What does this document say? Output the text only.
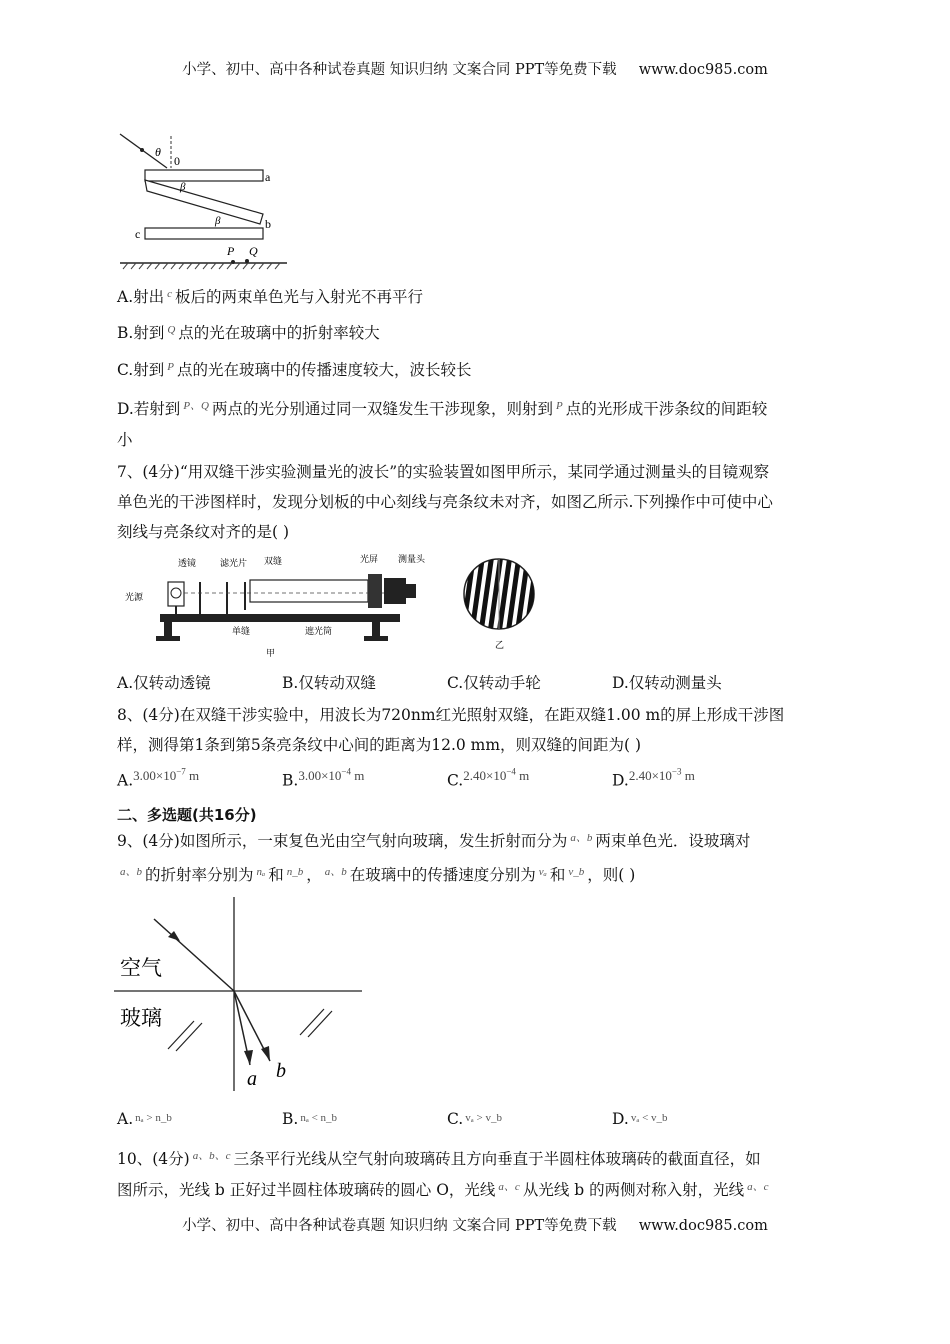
小学、初中、高中各种试卷真题 知识归纳 文案合同 PPT等免费下载 www.doc985.com
θ
0
a
β
b
β
c
P Q
A.射出 $^c$ 板后的两束单色光与入射光不再平行
B.射到 $^Q$ 点的光在玻璃中的折射率较大
C.射到 $^P$ 点的光在玻璃中的传播速度较大，波长较长
D.若射到 $^{P、Q}$ 两点的光分别通过同一双缝发生干涉现象，则射到 $^P$ 点的光形成干涉条纹的间距较
小
7、(4分)“用双缝干涉实验测量光的波长”的实验装置如图甲所示，某同学通过测量头的目镜观察
单色光的干涉图样时，发现分划板的中心刻线与亮条纹未对齐，如图乙所示.下列操作中可使中心
刻线与亮条纹对齐的是( )
透镜	滤光片 双缝	光屏 测量头
光源
单缝	遮光筒
甲
乙
A.仅转动透镜	B.仅转动双缝	C.仅转动手轮	D.仅转动测量头
8、(4分)在双缝干涉实验中，用波长为720nm红光照射双缝，在距双缝1.00 m的屏上形成干涉图
样，测得第1条到第5条亮条纹中心间的距离为12.0 mm，则双缝的间距为( )
A.$^{3.00\times 10^{-7} m}$	B.$^{3.00\times 10^{-4} m}$	C.$^{2.40\times 10^{-4} m}$	D.$^{2.40\times 10^{-3} m}$
二、多选题(共16分)
9、(4分)如图所示，一束复色光由空气射向玻璃，发生折射而分为 $^{a、b}$ 两束单色光．设玻璃对
$^{a、b}$ 的折射率分别为 $^{n_a}$ 和 $^{n\_b}$ ， $^{a、b}$ 在玻璃中的传播速度分别为 $^{v_a}$ 和 $^{v\_b}$ ，则( )
a b
空气
玻璃
A. nₐ > n_b	B. nₐ < n_b	C. vₐ > v_b	D. vₐ < v_b
10、(4分) $^{a、b、c}$ 三条平行光线从空气射向玻璃砖且方向垂直于半圆柱体玻璃砖的截面直径，如
图所示，光线 b 正好过半圆柱体玻璃砖的圆心 O，光线 $^{a、c}$ 从光线 b 的两侧对称入射，光线 $^{a、c}$
小学、初中、高中各种试卷真题 知识归纳 文案合同 PPT等免费下载 www.doc985.com
